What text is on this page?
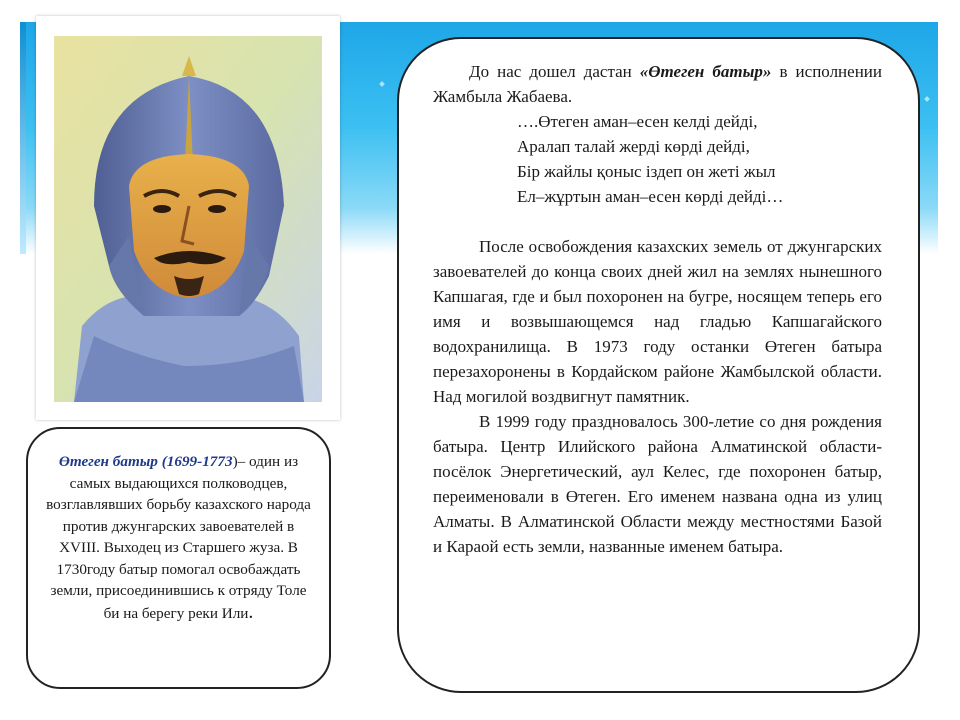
Өтеген батыр (1699-1773)– один из самых выдающихся полководцев, возглавлявших борьбу казахского народа против джунгарских завоевателей в XVIII. Выходец из Старшего жуза. В 1730году батыр помогал освобаждать земли, присоединившись к отряду Толе би на берегу реки Или.

До нас дошел дастан «Өтеген батыр» в исполнении Жамбыла Жабаева.

….Өтеген аман–есен келді дейді,
Аралап талай жерді көрді дейді,
Бір жайлы қоныс іздеп он жеті жыл
Ел–жұртын аман–есен көрді дейді…

После освобождения казахских земель от джунгарских завоевателей до конца своих дней жил на землях нынешного Капшагая, где и был похоронен на бугре, носящем теперь его имя и возвышающемся над гладью Капшагайского водохранилища. В 1973 году останки Өтеген батыра перезахоронены в Кордайском районе Жамбылской области. Над могилой воздвигнут памятник.

В 1999 году праздновалось 300-летие со дня рождения батыра. Центр Илийского района Алматинской области-посёлок Энергетический, аул Келес, где похоронен батыр, переименовали в Өтеген. Его именем названа одна из улиц Алматы. В Алматинской Области между местностями Базой и Караой есть земли, названные именем батыра.
